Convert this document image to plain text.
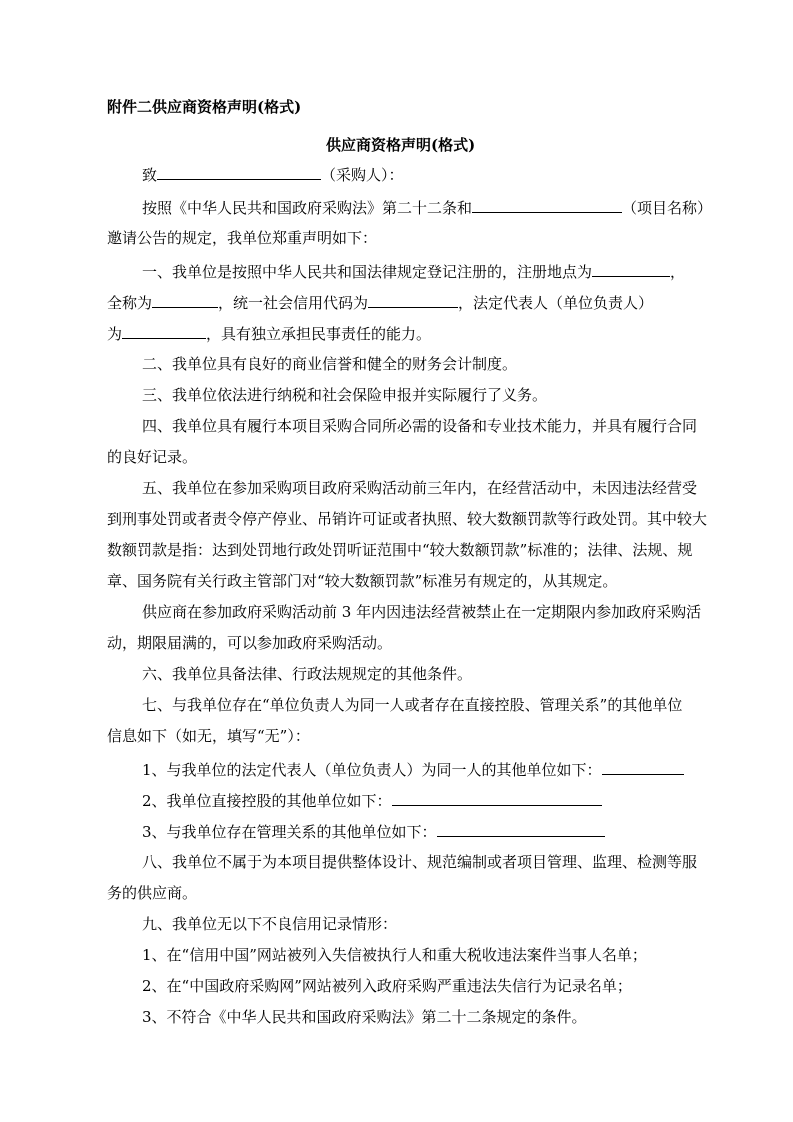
附件二供应商资格声明(格式)
供应商资格声明(格式)
致	（采购人）：
按照《中华人民共和国政府采购法》第二十二条和	（项目名称）
邀请公告的规定，我单位郑重声明如下：
一、我单位是按照中华人民共和国法律规定登记注册的，注册地点为	，
全称为	，统一社会信用代码为	，法定代表人（单位负责人）
为	，具有独立承担民事责任的能力。
二、我单位具有良好的商业信誉和健全的财务会计制度。
三、我单位依法进行纳税和社会保险申报并实际履行了义务。
四、我单位具有履行本项目采购合同所必需的设备和专业技术能力，并具有履行合同
的良好记录。
五、我单位在参加采购项目政府采购活动前三年内，在经营活动中，未因违法经营受
到刑事处罚或者责令停产停业、吊销许可证或者执照、较大数额罚款等行政处罚。其中较大
数额罚款是指：达到处罚地行政处罚听证范围中“较大数额罚款”标准的；法律、法规、规
章、国务院有关行政主管部门对“较大数额罚款”标准另有规定的，从其规定。
供应商在参加政府采购活动前 3 年内因违法经营被禁止在一定期限内参加政府采购活
动，期限届满的，可以参加政府采购活动。
六、我单位具备法律、行政法规规定的其他条件。
七、与我单位存在“单位负责人为同一人或者存在直接控股、管理关系”的其他单位
信息如下（如无，填写“无”）：
1、与我单位的法定代表人（单位负责人）为同一人的其他单位如下：
2、我单位直接控股的其他单位如下：
3、与我单位存在管理关系的其他单位如下：
八、我单位不属于为本项目提供整体设计、规范编制或者项目管理、监理、检测等服
务的供应商。
九、我单位无以下不良信用记录情形：
1、在“信用中国”网站被列入失信被执行人和重大税收违法案件当事人名单；
2、在“中国政府采购网”网站被列入政府采购严重违法失信行为记录名单；
3、不符合《中华人民共和国政府采购法》第二十二条规定的条件。
